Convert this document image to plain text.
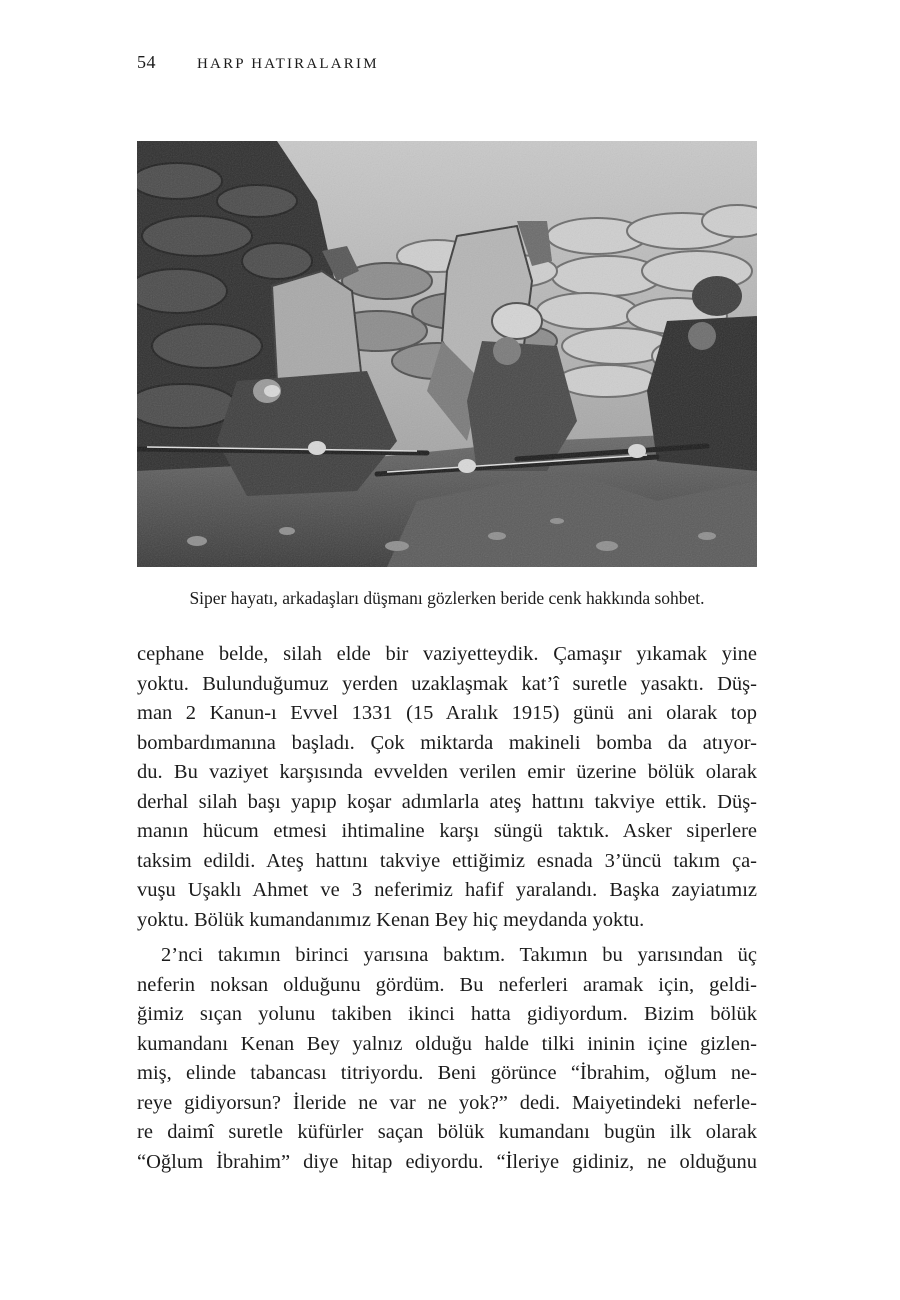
54	HARP HATIRALARIM
Siper hayatı, arkadaşları düşmanı gözlerken beride cenk hakkında sohbet.
cephane belde, silah elde bir vaziyetteydik. Çamaşır yıkamak yine
yoktu. Bulunduğumuz yerden uzaklaşmak kat’î suretle yasaktı. Düş-
man 2 Kanun-ı Evvel 1331 (15 Aralık 1915) günü ani olarak top
bombardımanına başladı. Çok miktarda makineli bomba da atıyor-
du. Bu vaziyet karşısında evvelden verilen emir üzerine bölük olarak
derhal silah başı yapıp koşar adımlarla ateş hattını takviye ettik. Düş-
manın hücum etmesi ihtimaline karşı süngü taktık. Asker siperlere
taksim edildi. Ateş hattını takviye ettiğimiz esnada 3’üncü takım ça-
vuşu Uşaklı Ahmet ve 3 neferimiz hafif yaralandı. Başka zayiatımız
yoktu. Bölük kumandanımız Kenan Bey hiç meydanda yoktu.
2’nci takımın birinci yarısına baktım. Takımın bu yarısından üç
neferin noksan olduğunu gördüm. Bu neferleri aramak için, geldi-
ğimiz sıçan yolunu takiben ikinci hatta gidiyordum. Bizim bölük
kumandanı Kenan Bey yalnız olduğu halde tilki ininin içine gizlen-
miş, elinde tabancası titriyordu. Beni görünce “İbrahim, oğlum ne-
reye gidiyorsun? İleride ne var ne yok?” dedi. Maiyetindeki neferle-
re daimî suretle küfürler saçan bölük kumandanı bugün ilk olarak
“Oğlum İbrahim” diye hitap ediyordu. “İleriye gidiniz, ne olduğunu
